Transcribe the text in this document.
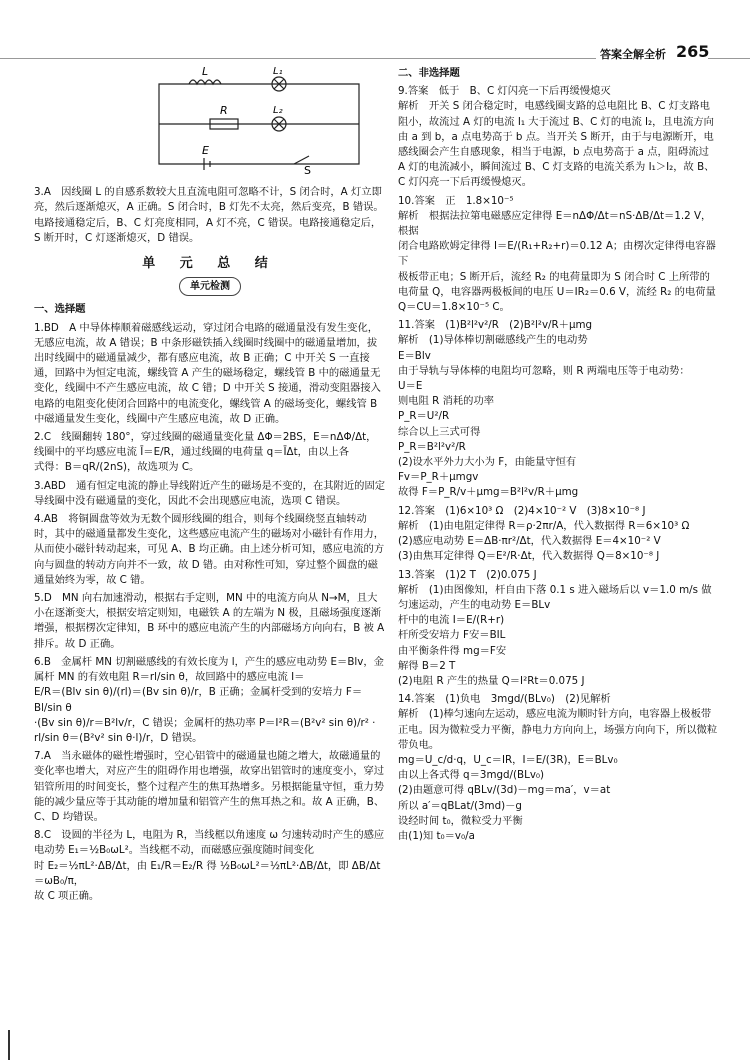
答案全解全析 265
L	L₁
R	L₂
E
S

3.A　因线圈 L 的自感系数较大且直流电阻可忽略不计，S 闭合时，A 灯立即亮，然后逐渐熄灭，A 正确。S 闭合时，B 灯先不太亮，然后变亮，B 错误。电路接通稳定后，B、C 灯亮度相同，A 灯不亮，C 错误。电路接通稳定后，S 断开时，C 灯逐渐熄灭，D 错误。

单 元 总 结
单元检测

一、选择题

1.BD　A 中导体棒顺着磁感线运动，穿过闭合电路的磁通量没有发生变化，无感应电流，故 A 错误；B 中条形磁铁插入线圈时线圈中的磁通量增加，拔出时线圈中的磁通量减少，都有感应电流，故 B 正确；C 中开关 S 一直接通，回路中为恒定电流，螺线管 A 产生的磁场稳定，螺线管 B 中的磁通量无变化，线圈中不产生感应电流，故 C 错；D 中开关 S 接通，滑动变阻器接入电路的电阻变化使闭合回路中的电流变化，螺线管 A 的磁场变化，螺线管 B 中磁通量发生变化，线圈中产生感应电流，故 D 正确。

2.C　线圈翻转 180°，穿过线圈的磁通量变化量 ΔΦ＝2BS，E＝nΔΦ/Δt，

线圈中的平均感应电流 Ī＝E/R，通过线圈的电荷量 q＝ĪΔt，由以上各

式得：B＝qR/(2nS)，故选项为 C。

3.ABD　通有恒定电流的静止导线附近产生的磁场是不变的，在其附近的固定导线圈中没有磁通量的变化，因此不会出现感应电流，选项 C 错误。

4.AB　将铜圆盘等效为无数个圆形线圈的组合，则每个线圈绕竖直轴转动时，其中的磁通量都发生变化，这些感应电流产生的磁场对小磁针有作用力，从而使小磁针转动起来，可见 A、B 均正确。由上述分析可知，感应电流的方向与圆盘的转动方向并不一致，故 D 错。由对称性可知，穿过整个圆盘的磁通量始终为零，故 C 错。

5.D　MN 向右加速滑动，根据右手定则，MN 中的电流方向从 N→M，且大小在逐渐变大，根据安培定则知，电磁铁 A 的左端为 N 极，且磁场强度逐渐增强，根据楞次定律知，B 环中的感应电流产生的内部磁场方向向右，B 被 A 排斥。故 D 正确。

6.B　金属杆 MN 切割磁感线的有效长度为 l，产生的感应电动势 E＝Blv，金属杆 MN 的有效电阻 R＝rl/sin θ，故回路中的感应电流 I＝

E/R＝(Blv sin θ)/(rl)＝(Bv sin θ)/r，B 正确；金属杆受到的安培力 F＝Bl/sin θ

·(Bv sin θ)/r＝B²lv/r，C 错误；金属杆的热功率 P＝I²R＝(B²v² sin θ)/r² ·

rl/sin θ＝(B²v² sin θ·l)/r，D 错误。

7.A　当永磁体的磁性增强时，空心铝管中的磁通量也随之增大，故磁通量的变化率也增大，对应产生的阻碍作用也增强，故穿出铝管时的速度变小，穿过铝管所用的时间变长，整个过程产生的焦耳热增多。另根据能量守恒，重力势能的减少量应等于其动能的增加量和铝管产生的焦耳热之和。故 A 正确，B、C、D 均错误。

8.C　设圆的半径为 L，电阻为 R，当线框以角速度 ω 匀速转动时产生的感应电动势 E₁＝½B₀ωL²。当线框不动，而磁感应强度随时间变化

时 E₂＝½πL²·ΔB/Δt，由 E₁/R＝E₂/R 得 ½B₀ωL²＝½πL²·ΔB/Δt，即 ΔB/Δt＝ωB₀/π，

故 C 项正确。

二、非选择题

9.答案　低于　B、C 灯闪亮一下后再缓慢熄灭

解析　开关 S 闭合稳定时，电感线圈支路的总电阻比 B、C 灯支路电阻小，故流过 A 灯的电流 I₁ 大于流过 B、C 灯的电流 I₂，且电流方向由 a 到 b，a 点电势高于 b 点。当开关 S 断开，由于与电源断开，电感线圈会产生自感现象，相当于电源，b 点电势高于 a 点，阻碍流过 A 灯的电流减小，瞬间流过 B、C 灯支路的电流关系为 I₁＞I₂，故 B、C 灯闪亮一下后再缓慢熄灭。

10.答案　正　1.8×10⁻⁵

解析　根据法拉第电磁感应定律得 E＝nΔΦ/Δt＝nS·ΔB/Δt＝1.2 V，根据

闭合电路欧姆定律得 I＝E/(R₁+R₂+r)＝0.12 A；由楞次定律得电容器下

极板带正电；S 断开后，流经 R₂ 的电荷量即为 S 闭合时 C 上所带的电荷量 Q，电容器两极板间的电压 U＝IR₂＝0.6 V，流经 R₂ 的电荷量 Q＝CU＝1.8×10⁻⁵ C。

11.答案　(1)B²l²v²/R　(2)B²l²v/R＋μmg

解析　(1)导体棒切割磁感线产生的电动势

E＝Blv

由于导轨与导体棒的电阻均可忽略，则 R 两端电压等于电动势：

U＝E

则电阻 R 消耗的功率

P_R＝U²/R

综合以上三式可得

P_R＝B²l²v²/R

(2)设水平外力大小为 F，由能量守恒有

Fv＝P_R＋μmgv

故得 F＝P_R/v＋μmg＝B²l²v/R＋μmg

12.答案　(1)6×10³ Ω　(2)4×10⁻² V　(3)8×10⁻⁸ J

解析　(1)由电阻定律得 R＝ρ·2πr/A，代入数据得 R＝6×10³ Ω

(2)感应电动势 E＝ΔB·πr²/Δt，代入数据得 E＝4×10⁻² V

(3)由焦耳定律得 Q＝E²/R·Δt，代入数据得 Q＝8×10⁻⁸ J

13.答案　(1)2 T　(2)0.075 J

解析　(1)由图像知，杆自由下落 0.1 s 进入磁场后以 v＝1.0 m/s 做匀速运动，产生的电动势 E＝BLv

杆中的电流 I＝E/(R+r)

杆所受安培力 F安＝BIL

由平衡条件得 mg＝F安

解得 B＝2 T

(2)电阻 R 产生的热量 Q＝I²Rt＝0.075 J

14.答案　(1)负电　3mgd/(BLv₀)　(2)见解析

解析　(1)棒匀速向左运动，感应电流为顺时针方向，电容器上极板带正电。因为微粒受力平衡，静电力方向向上，场强方向向下，所以微粒带负电。

mg＝U_c/d·q，U_c＝IR，I＝E/(3R)，E＝BLv₀

由以上各式得 q＝3mgd/(BLv₀)

(2)由题意可得 qBLv/(3d)－mg＝ma′，v＝at

所以 a′＝qBLat/(3md)－g

设经时间 t₀，微粒受力平衡

由(1)知 t₀＝v₀/a
